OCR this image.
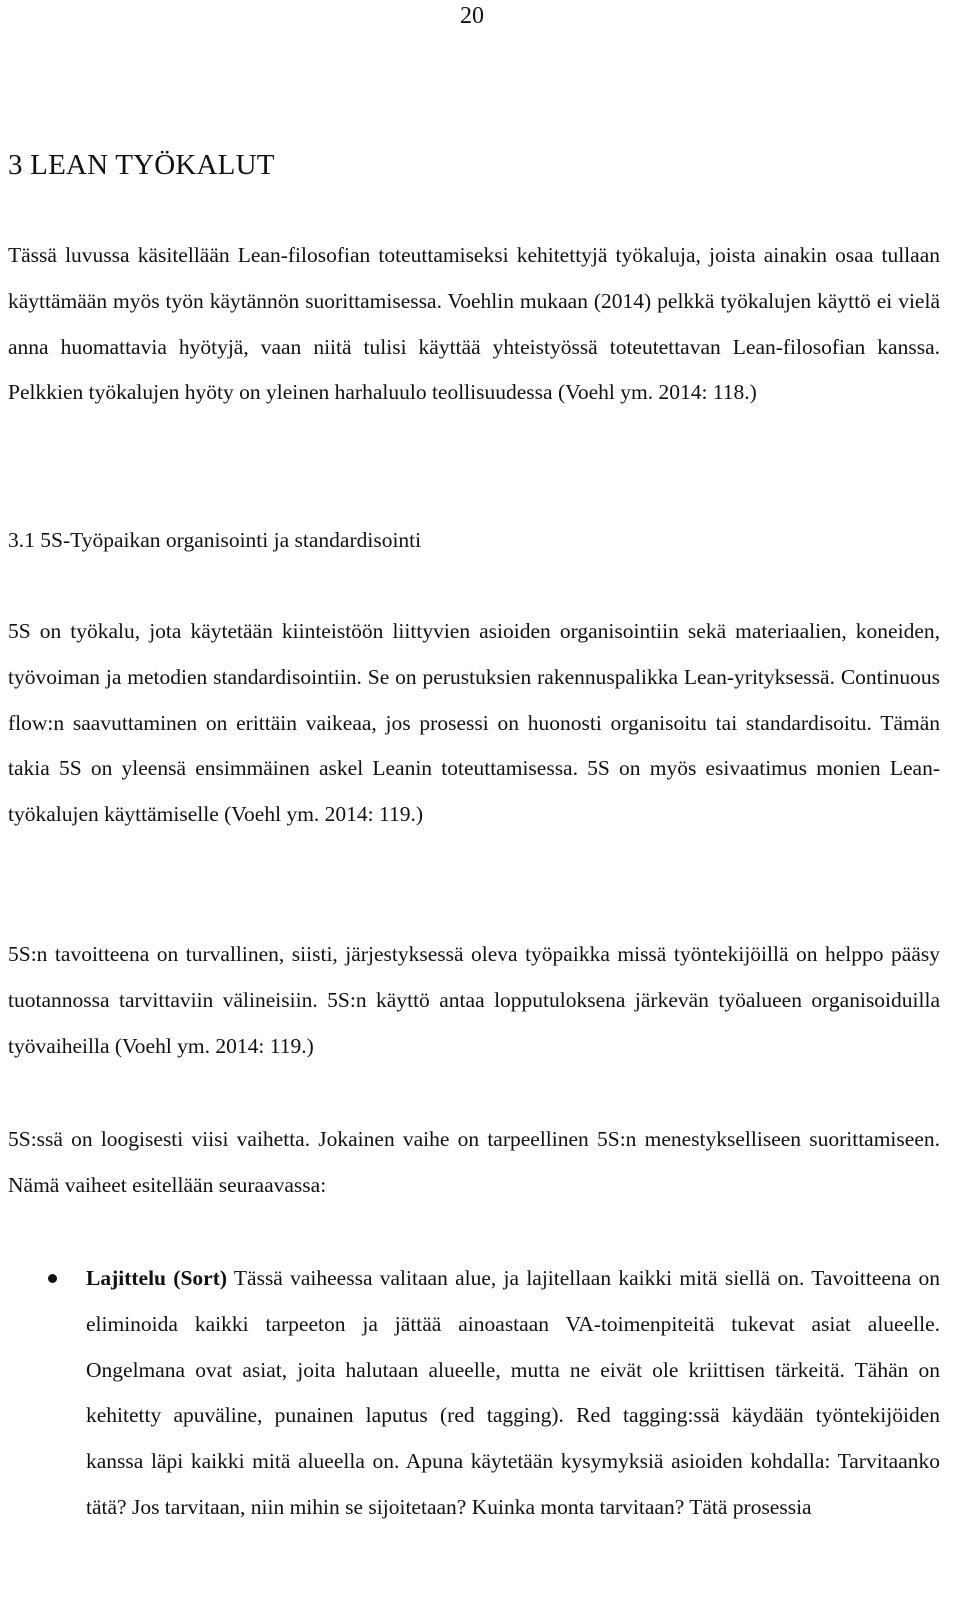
20
3 LEAN TYÖKALUT

Tässä luvussa käsitellään Lean-filosofian toteuttamiseksi kehitettyjä työkaluja, joista ainakin osaa tullaan käyttämään myös työn käytännön suorittamisessa. Voehlin mukaan (2014) pelkkä työkalujen käyttö ei vielä anna huomattavia hyötyjä, vaan niitä tulisi käyttää yhteistyössä toteutettavan Lean-filosofian kanssa. Pelkkien työkalujen hyöty on yleinen harhaluulo teollisuudessa (Voehl ym. 2014: 118.)

3.1 5S-Työpaikan organisointi ja standardisointi

5S on työkalu, jota käytetään kiinteistöön liittyvien asioiden organisointiin sekä materiaalien, koneiden, työvoiman ja metodien standardisointiin. Se on perustuksien rakennuspalikka Lean-yrityksessä. Continuous flow:n saavuttaminen on erittäin vaikeaa, jos prosessi on huonosti organisoitu tai standardisoitu. Tämän takia 5S on yleensä ensimmäinen askel Leanin toteuttamisessa. 5S on myös esivaatimus monien Lean-työkalujen käyttämiselle (Voehl ym. 2014: 119.)

5S:n tavoitteena on turvallinen, siisti, järjestyksessä oleva työpaikka missä työntekijöillä on helppo pääsy tuotannossa tarvittaviin välineisiin. 5S:n käyttö antaa lopputuloksena järkevän työalueen organisoiduilla työvaiheilla (Voehl ym. 2014: 119.)

5S:ssä on loogisesti viisi vaihetta. Jokainen vaihe on tarpeellinen 5S:n menestykselliseen suorittamiseen. Nämä vaiheet esitellään seuraavassa:

Lajittelu (Sort) Tässä vaiheessa valitaan alue, ja lajitellaan kaikki mitä siellä on. Tavoitteena on eliminoida kaikki tarpeeton ja jättää ainoastaan VA-toimenpiteitä tukevat asiat alueelle. Ongelmana ovat asiat, joita halutaan alueelle, mutta ne eivät ole kriittisen tärkeitä. Tähän on kehitetty apuväline, punainen laputus (red tagging). Red tagging:ssä käydään työntekijöiden kanssa läpi kaikki mitä alueella on. Apuna käytetään kysymyksiä asioiden kohdalla: Tarvitaanko tätä? Jos tarvitaan, niin mihin se sijoitetaan? Kuinka monta tarvitaan? Tätä prosessia
